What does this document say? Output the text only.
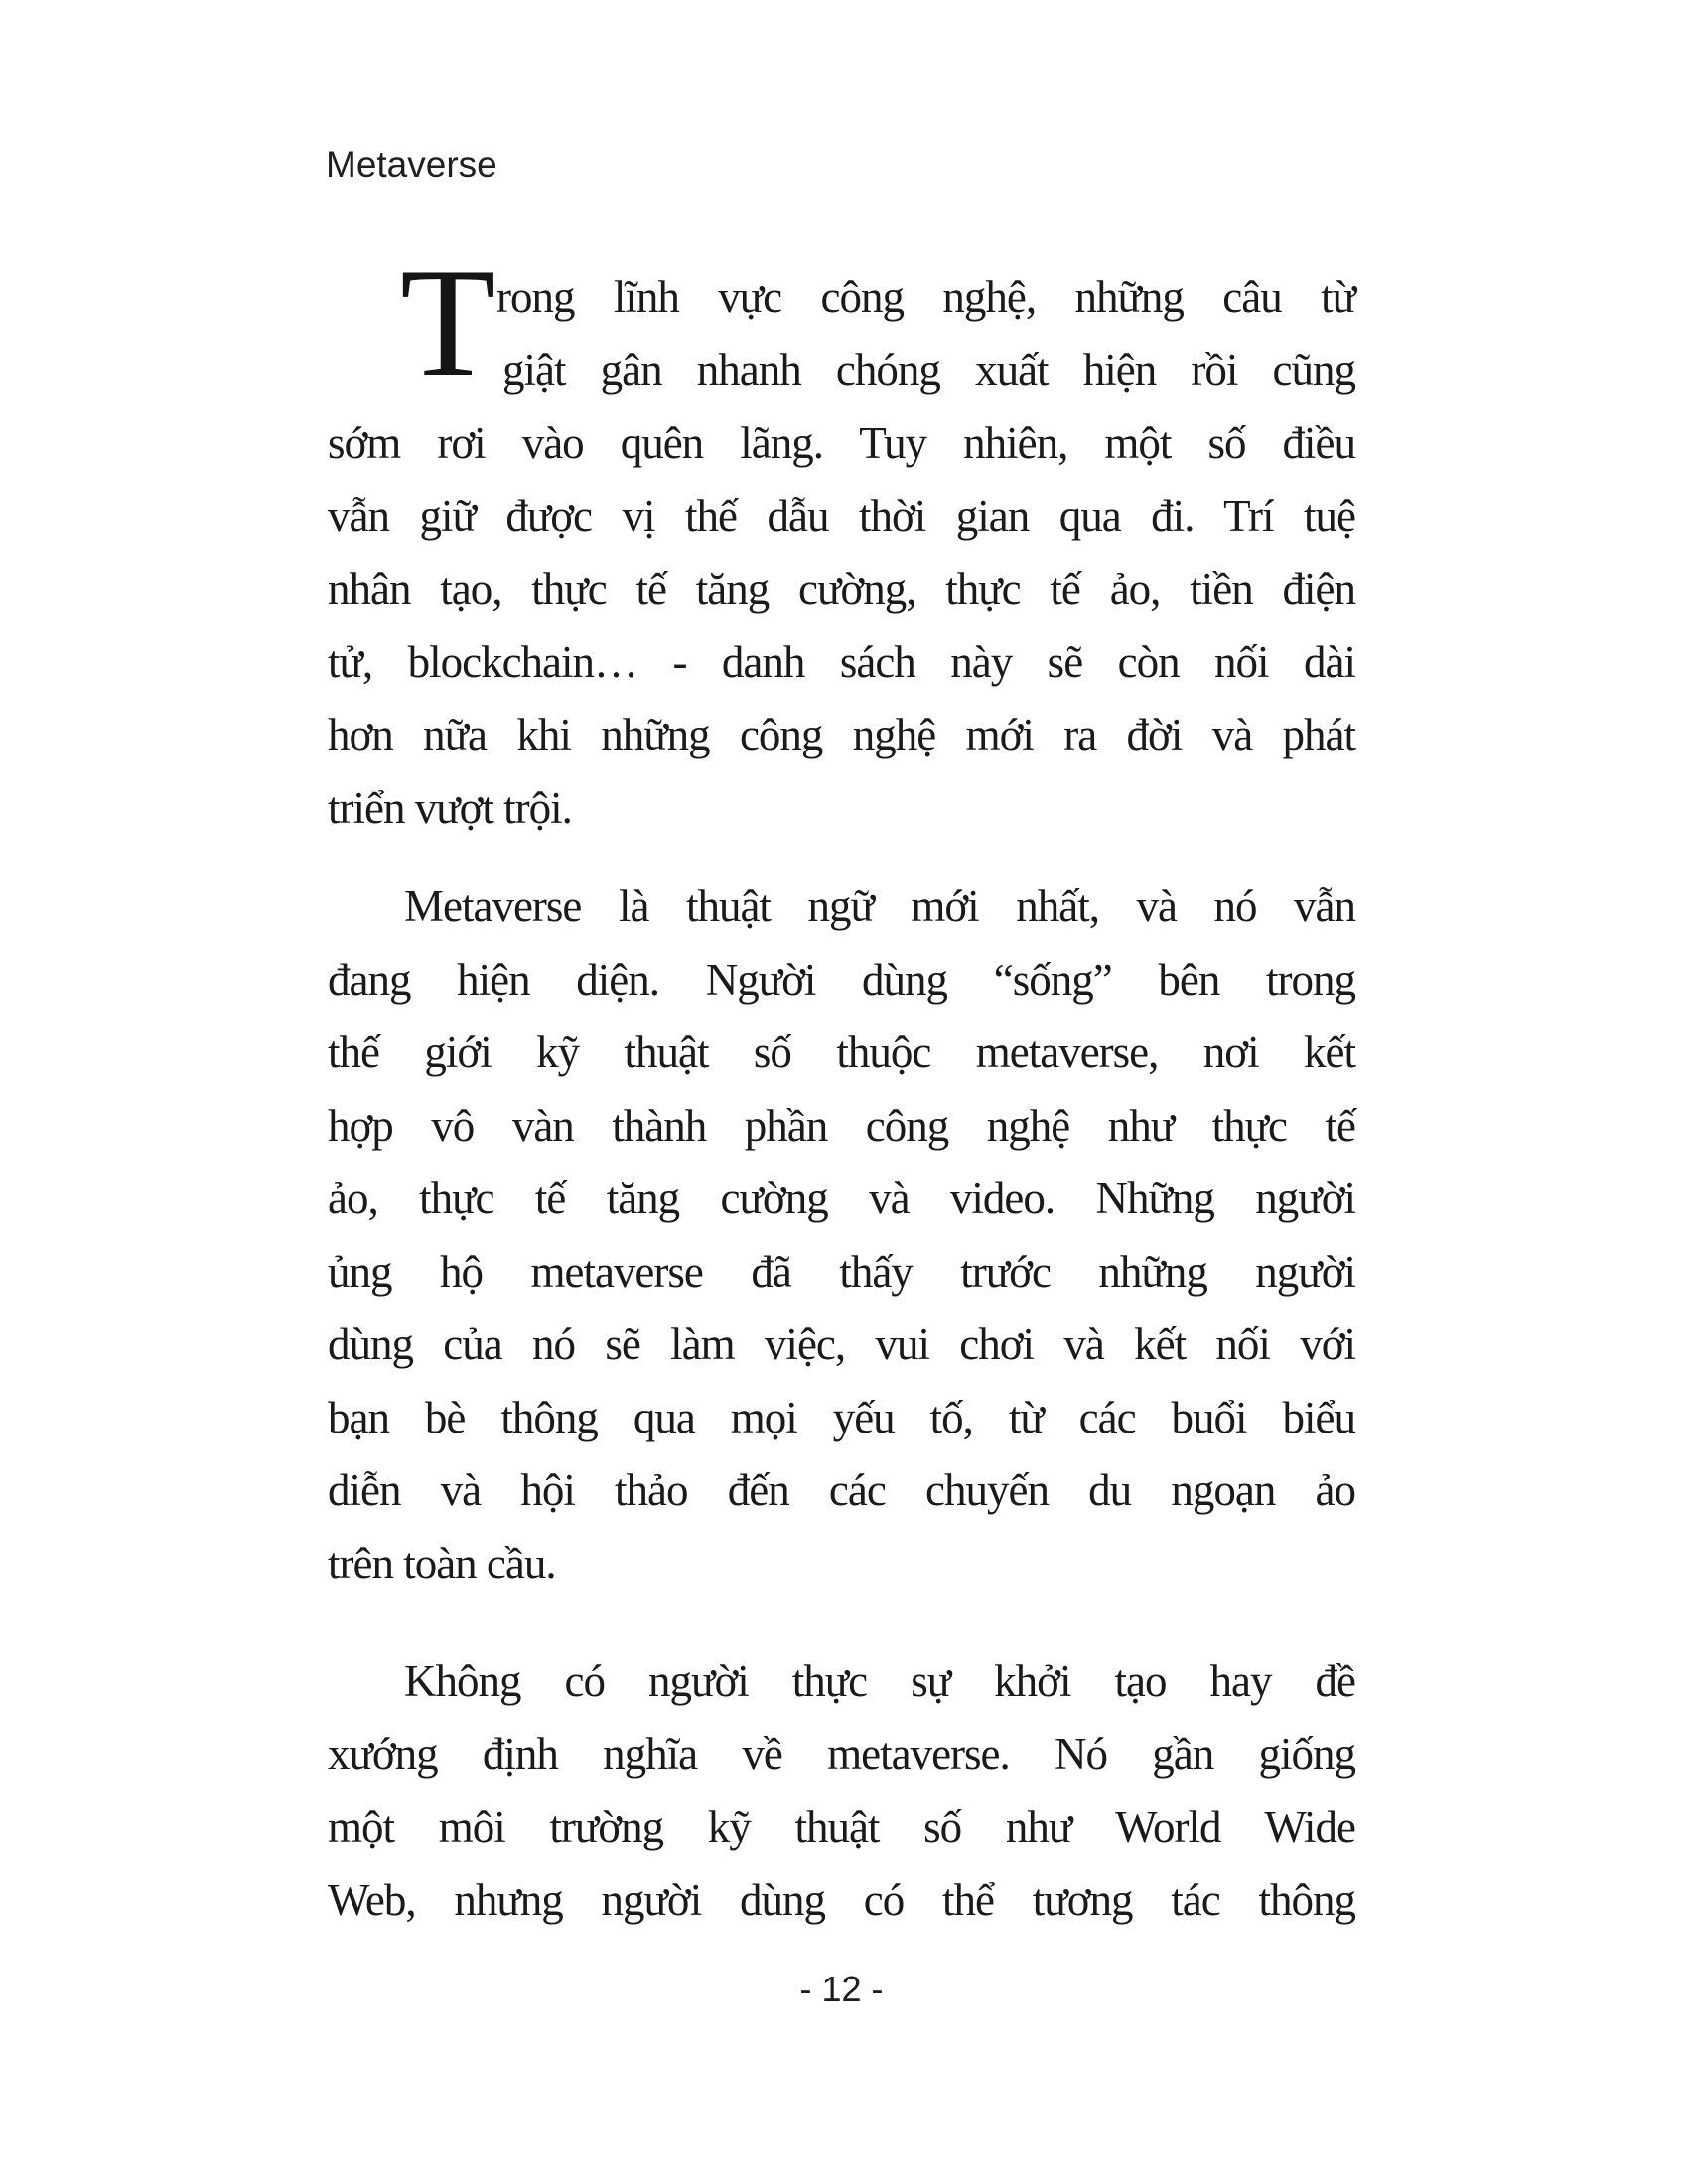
Metaverse
T rong lĩnh vực công nghệ, những câu từ
giật gân nhanh chóng xuất hiện rồi cũng
sớm rơi vào quên lãng. Tuy nhiên, một số điều
vẫn giữ được vị thế dẫu thời gian qua đi. Trí tuệ
nhân tạo, thực tế tăng cường, thực tế ảo, tiền điện
tử, blockchain… - danh sách này sẽ còn nối dài
hơn nữa khi những công nghệ mới ra đời và phát
triển vượt trội.
Metaverse là thuật ngữ mới nhất, và nó vẫn
đang hiện diện. Người dùng “sống” bên trong
thế giới kỹ thuật số thuộc metaverse, nơi kết
hợp vô vàn thành phần công nghệ như thực tế
ảo, thực tế tăng cường và video. Những người
ủng hộ metaverse đã thấy trước những người
dùng của nó sẽ làm việc, vui chơi và kết nối với
bạn bè thông qua mọi yếu tố, từ các buổi biểu
diễn và hội thảo đến các chuyến du ngoạn ảo
trên toàn cầu.
Không có người thực sự khởi tạo hay đề
xướng định nghĩa về metaverse. Nó gần giống
một môi trường kỹ thuật số như World Wide
Web, nhưng người dùng có thể tương tác thông
- 12 -
